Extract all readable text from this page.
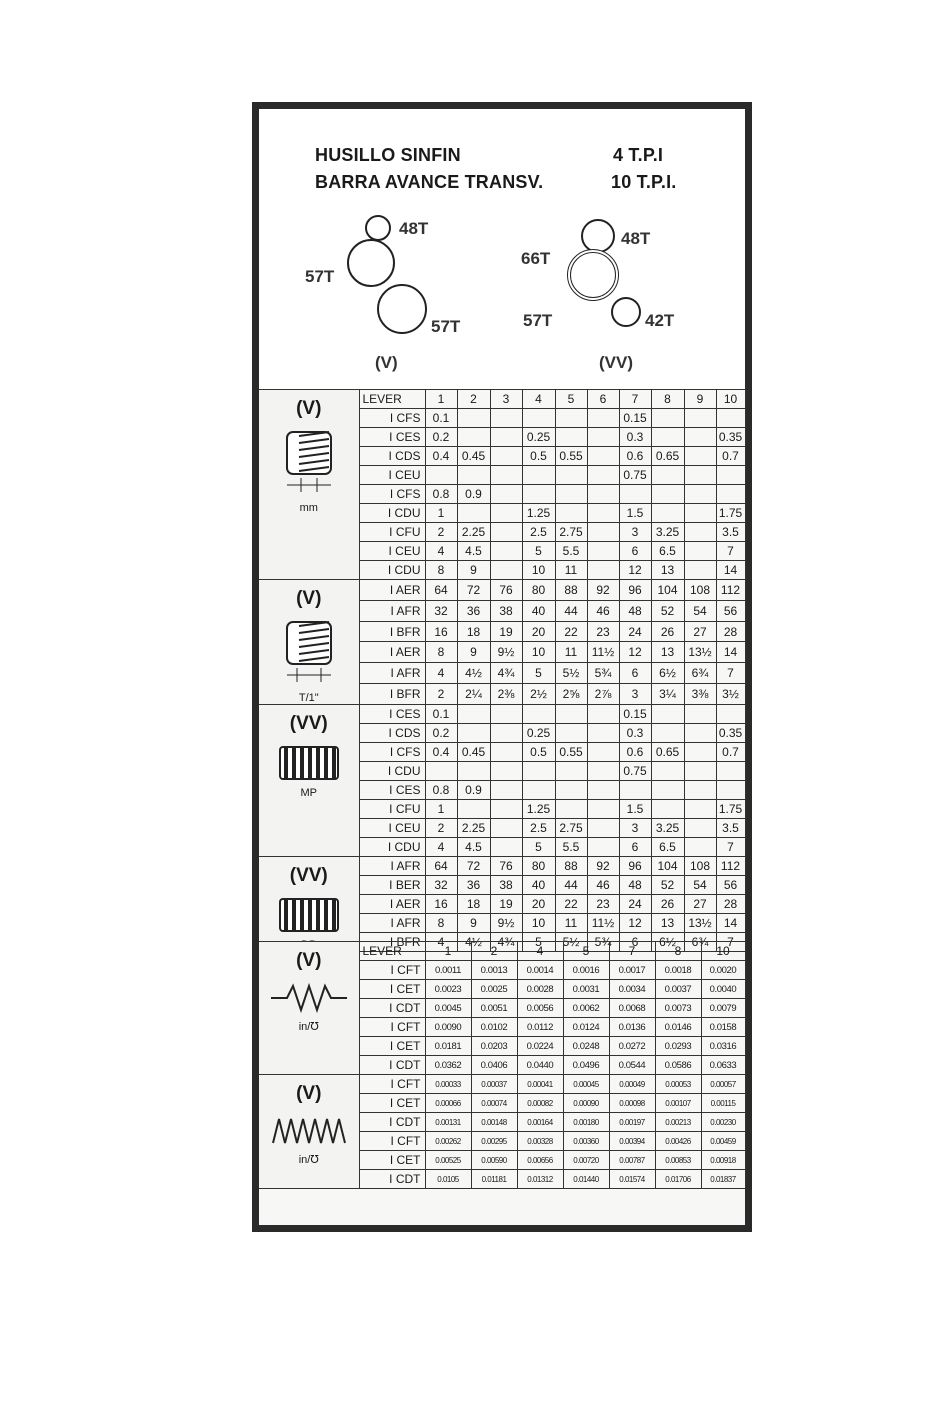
HUSILLO SINFIN	4 T.P.I
BARRA AVANCE TRANSV.	10 T.P.I.
48T
57T
57T
(V)
48T
66T
57T	42T
(VV)
(V)
mm	LEVER	1	2	3	4	5	6	7	8	9	10
	I CFS	0.1						0.15			
	I CES	0.2			0.25			0.3			0.35
	I CDS	0.4	0.45		0.5	0.55		0.6	0.65		0.7
	I CEU							0.75			
	I CFS	0.8	0.9								
	I CDU	1			1.25			1.5			1.75
	I CFU	2	2.25		2.5	2.75		3	3.25		3.5
	I CEU	4	4.5		5	5.5		6	6.5		7
	I CDU	8	9		10	11		12	13		14

(V)
T/1"	I AER	64	72	76	80	88	92	96	104	108	112
	I AFR	32	36	38	40	44	46	48	52	54	56
	I BFR	16	18	19	20	22	23	24	26	27	28
	I AER	8	9	9½	10	11	11½	12	13	13½	14
	I AFR	4	4½	4¾	5	5½	5¾	6	6½	6¾	7
	I BFR	2	2¼	2⅜	2½	2⅝	2⅞	3	3¼	3⅜	3½

(VV)
MP	I CES	0.1						0.15			
	I CDS	0.2			0.25			0.3			0.35
	I CFS	0.4	0.45		0.5	0.55		0.6	0.65		0.7
	I CDU							0.75			
	I CES	0.8	0.9								
	I CFU	1			1.25			1.5			1.75
	I CEU	2	2.25		2.5	2.75		3	3.25		3.5
	I CDU	4	4.5		5	5.5		6	6.5		7

(VV)	I AFR	64	72	76	80	88	92	96	104	108	112
	I BER	32	36	38	40	44	46	48	52	54	56
	I AER	16	18	19	20	22	23	24	26	27	28
	I AFR	8	9	9½	10	11	11½	12	13	13½	14
	I BFR	4	4½	4¾	5	5½	5¾	6	6½	6¾	7
(V)
in/℧	LEVER	1	2	4	5	7	8	10
	I CFT	0.0011	0.0013	0.0014	0.0016	0.0017	0.0018	0.0020
	I CET	0.0023	0.0025	0.0028	0.0031	0.0034	0.0037	0.0040
	I CDT	0.0045	0.0051	0.0056	0.0062	0.0068	0.0073	0.0079
	I CFT	0.0090	0.0102	0.0112	0.0124	0.0136	0.0146	0.0158
	I CET	0.0181	0.0203	0.0224	0.0248	0.0272	0.0293	0.0316
	I CDT	0.0362	0.0406	0.0440	0.0496	0.0544	0.0586	0.0633

(V)
in/℧	I CFT	0.00033	0.00037	0.00041	0.00045	0.00049	0.00053	0.00057
	I CET	0.00066	0.00074	0.00082	0.00090	0.00098	0.00107	0.00115
	I CDT	0.00131	0.00148	0.00164	0.00180	0.00197	0.00213	0.00230
	I CFT	0.00262	0.00295	0.00328	0.00360	0.00394	0.00426	0.00459
	I CET	0.00525	0.00590	0.00656	0.00720	0.00787	0.00853	0.00918
	I CDT	0.0105	0.01181	0.01312	0.01440	0.01574	0.01706	0.01837
